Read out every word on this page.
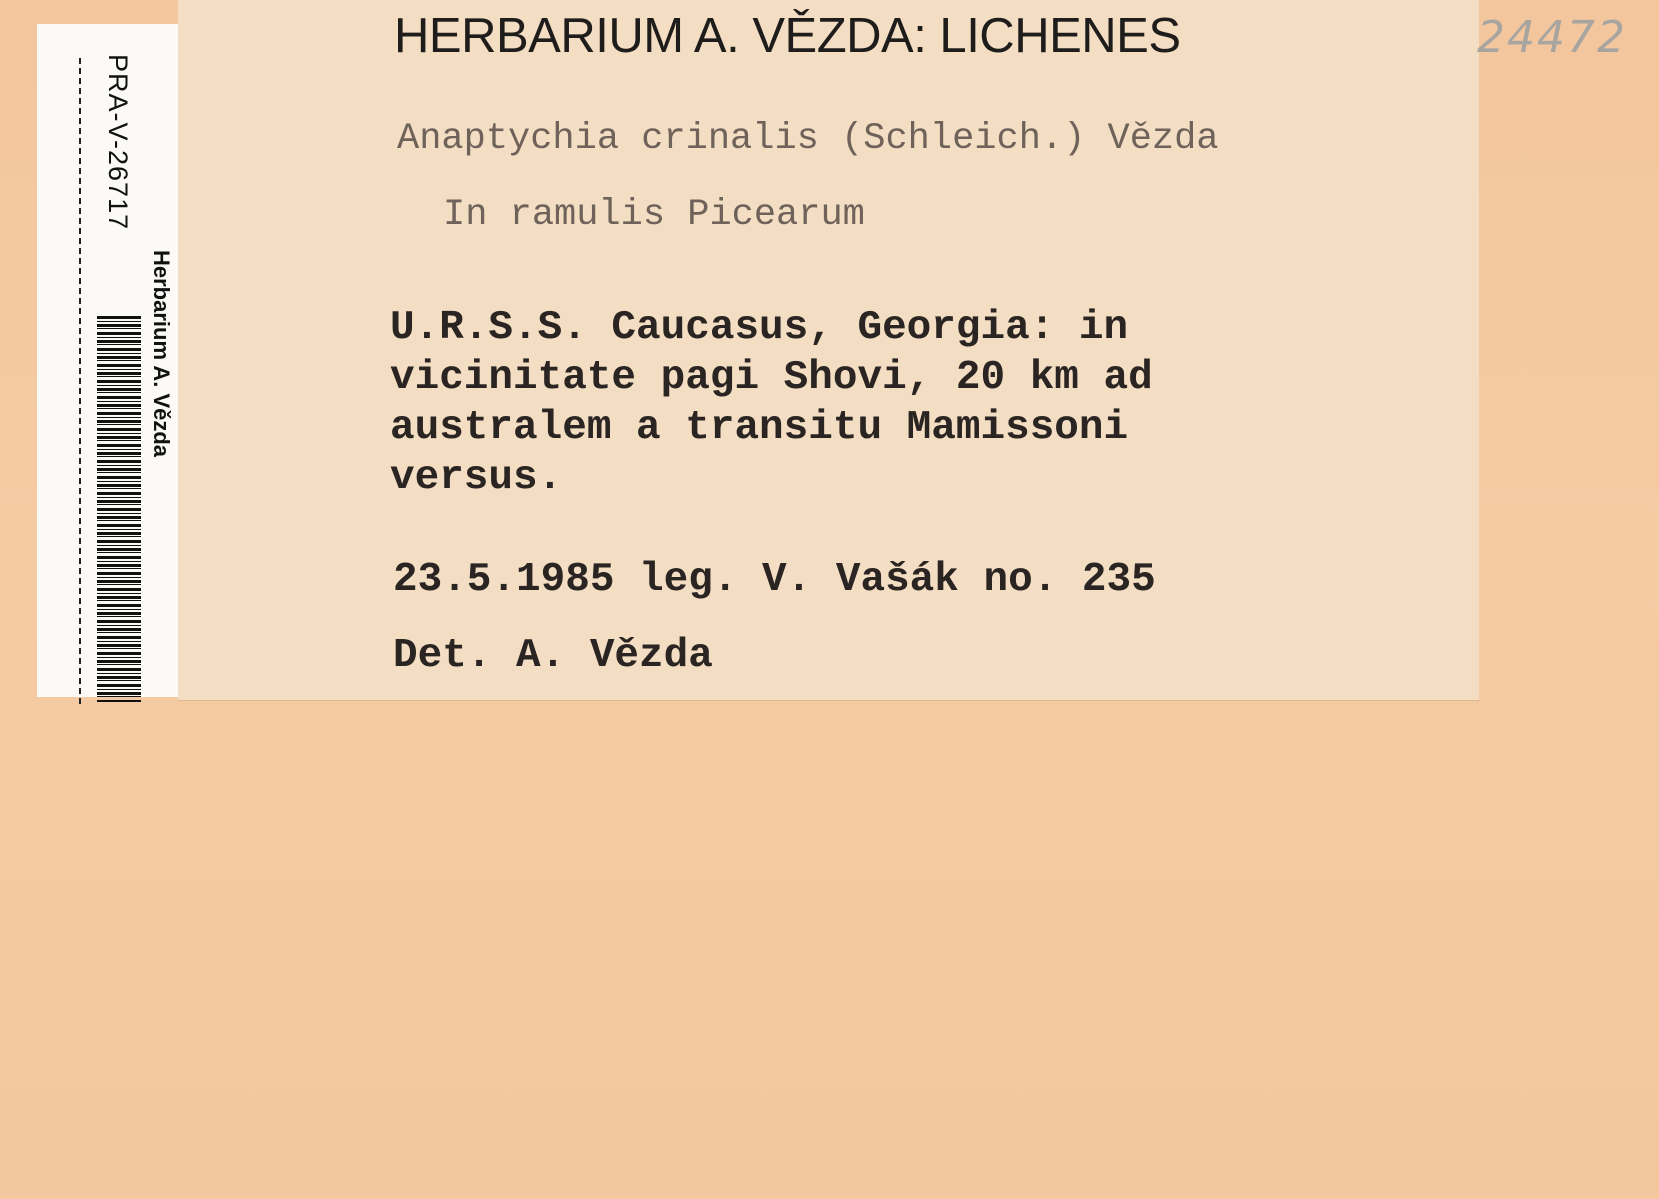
PRA-V-26717
Herbarium A. Vězda
HERBARIUM A. VĚZDA: LICHENES

Anaptychia crinalis (Schleich.) Vězda

In ramulis Picearum

U.R.S.S. Caucasus, Georgia: in
vicinitate pagi Shovi, 20 km ad
australem a transitu Mamissoni
versus.

23.5.1985 leg. V. Vašák no. 235

Det. A. Vězda

24472
